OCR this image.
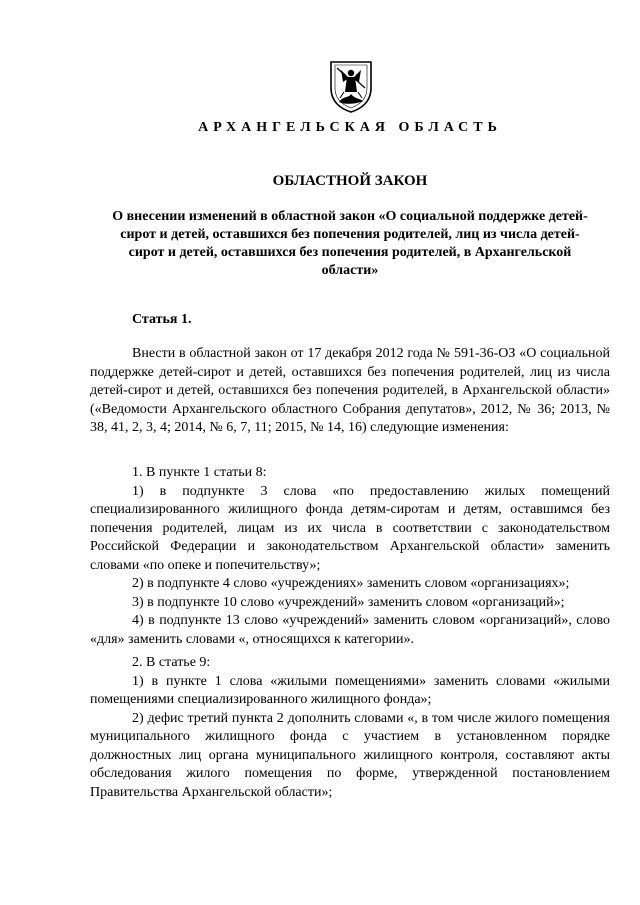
АРХАНГЕЛЬСКАЯ ОБЛАСТЬ
ОБЛАСТНОЙ ЗАКОН
О внесении изменений в областной закон «О социальной поддержке детей-сирот и детей, оставшихся без попечения родителей, лиц из числа детей-сирот и детей, оставшихся без попечения родителей, в Архангельской области»
Статья 1.

Внести в областной закон от 17 декабря 2012 года № 591-36-ОЗ «О социальной поддержке детей-сирот и детей, оставшихся без попечения родителей, лиц из числа детей-сирот и детей, оставшихся без попечения родителей, в Архангельской области» («Ведомости Архангельского областного Собрания депутатов», 2012, № 36; 2013, № 38, 41, 2, 3, 4; 2014, № 6, 7, 11; 2015, № 14, 16) следующие изменения:

1. В пункте 1 статьи 8:

1) в подпункте 3 слова «по предоставлению жилых помещений специализированного жилищного фонда детям-сиротам и детям, оставшимся без попечения родителей, лицам из их числа в соответствии с законодательством Российской Федерации и законодательством Архангельской области» заменить словами «по опеке и попечительству»;

2) в подпункте 4 слово «учреждениях» заменить словом «организациях»;

3) в подпункте 10 слово «учреждений» заменить словом «организаций»;

4) в подпункте 13 слово «учреждений» заменить словом «организаций», слово «для» заменить словами «, относящихся к категории».

2. В статье 9:

1) в пункте 1 слова «жилыми помещениями» заменить словами «жилыми помещениями специализированного жилищного фонда»;

2) дефис третий пункта 2 дополнить словами «, в том числе жилого помещения муниципального жилищного фонда с участием в установленном порядке должностных лиц органа муниципального жилищного контроля, составляют акты обследования жилого помещения по форме, утвержденной постановлением Правительства Архангельской области»;
